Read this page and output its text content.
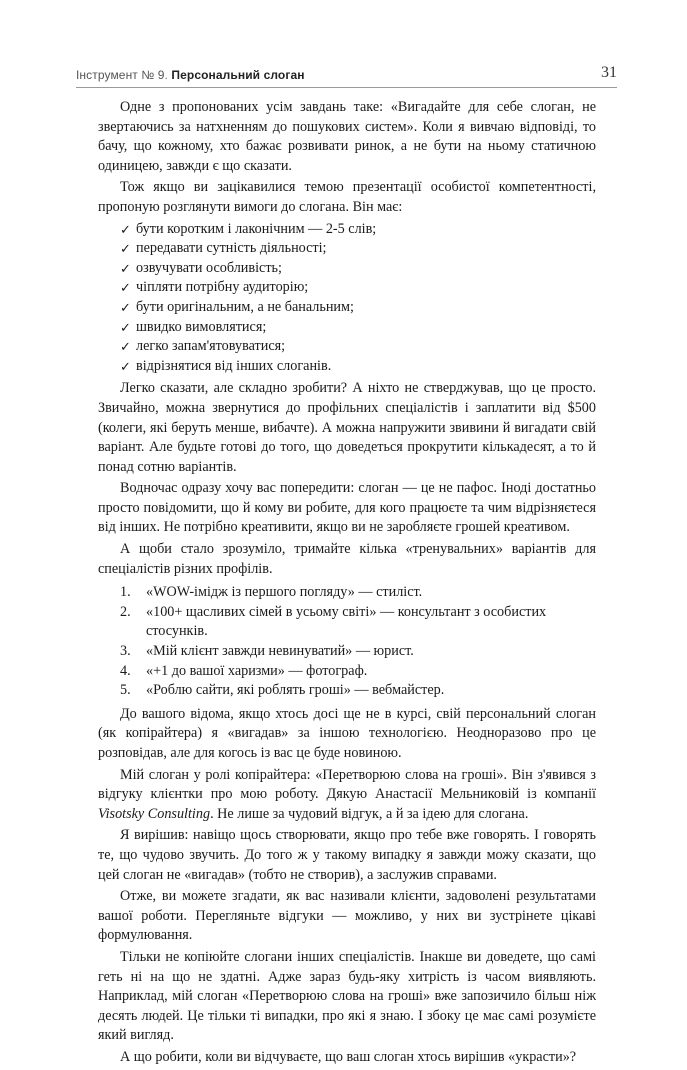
Інструмент № 9. Персональний слоган	31

Одне з пропонованих усім завдань таке: «Вигадайте для себе слоган, не звертаючись за натхненням до пошукових систем». Коли я вивчаю відповіді, то бачу, що кожному, хто бажає розвивати ринок, а не бути на ньому статичною одиницею, завжди є що сказати.

Тож якщо ви зацікавилися темою презентації особистої компетентності, пропоную розглянути вимоги до слогана. Він має:

✓ бути коротким і лаконічним — 2-5 слів;
✓ передавати сутність діяльності;
✓ озвучувати особливість;
✓ чіпляти потрібну аудиторію;
✓ бути оригінальним, а не банальним;
✓ швидко вимовлятися;
✓ легко запам'ятовуватися;
✓ відрізнятися від інших слоганів.

Легко сказати, але складно зробити? А ніхто не стверджував, що це просто. Звичайно, можна звернутися до профільних спеціалістів і заплатити від $500 (колеги, які беруть менше, вибачте). А можна напружити звивини й вигадати свій варіант. Але будьте готові до того, що доведеться прокрутити кількадесят, а то й понад сотню варіантів.

Водночас одразу хочу вас попередити: слоган — це не пафос. Іноді достатньо просто повідомити, що й кому ви робите, для кого працюєте та чим відрізняєтеся від інших. Не потрібно креативити, якщо ви не заробляєте грошей креативом.

А щоби стало зрозуміло, тримайте кілька «тренувальних» варіантів для спеціалістів різних профілів.

1.	«WOW-імідж із першого погляду» — стиліст.
2.	«100+ щасливих сімей в усьому світі» — консультант з особистих стосунків.
3.	«Мій клієнт завжди невинуватий» — юрист.
4.	«+1 до вашої харизми» — фотограф.
5.	«Роблю сайти, які роблять гроші» — вебмайстер.

До вашого відома, якщо хтось досі ще не в курсі, свій персональний слоган (як копірайтера) я «вигадав» за іншою технологією. Неодноразово про це розповідав, але для когось із вас це буде новиною.

Мій слоган у ролі копірайтера: «Перетворюю слова на гроші». Він з'явився з відгуку клієнтки про мою роботу. Дякую Анастасії Мельниковій із компанії Visotsky Consulting. Не лише за чудовий відгук, а й за ідею для слогана.

Я вирішив: навіщо щось створювати, якщо про тебе вже говорять. І говорять те, що чудово звучить. До того ж у такому випадку я завжди можу сказати, що цей слоган не «вигадав» (тобто не створив), а заслужив справами.

Отже, ви можете згадати, як вас називали клієнти, задоволені результатами вашої роботи. Перегляньте відгуки — можливо, у них ви зустрінете цікаві формулювання.

Тільки не копіюйте слогани інших спеціалістів. Інакше ви доведете, що самі геть ні на що не здатні. Адже зараз будь-яку хитрість із часом виявляють. Наприклад, мій слоган «Перетворюю слова на гроші» вже запозичило більш ніж десять людей. Це тільки ті випадки, про які я знаю. І збоку це має самі розумієте який вигляд.

А що робити, коли ви відчуваєте, що ваш слоган хтось вирішив «украсти»?
